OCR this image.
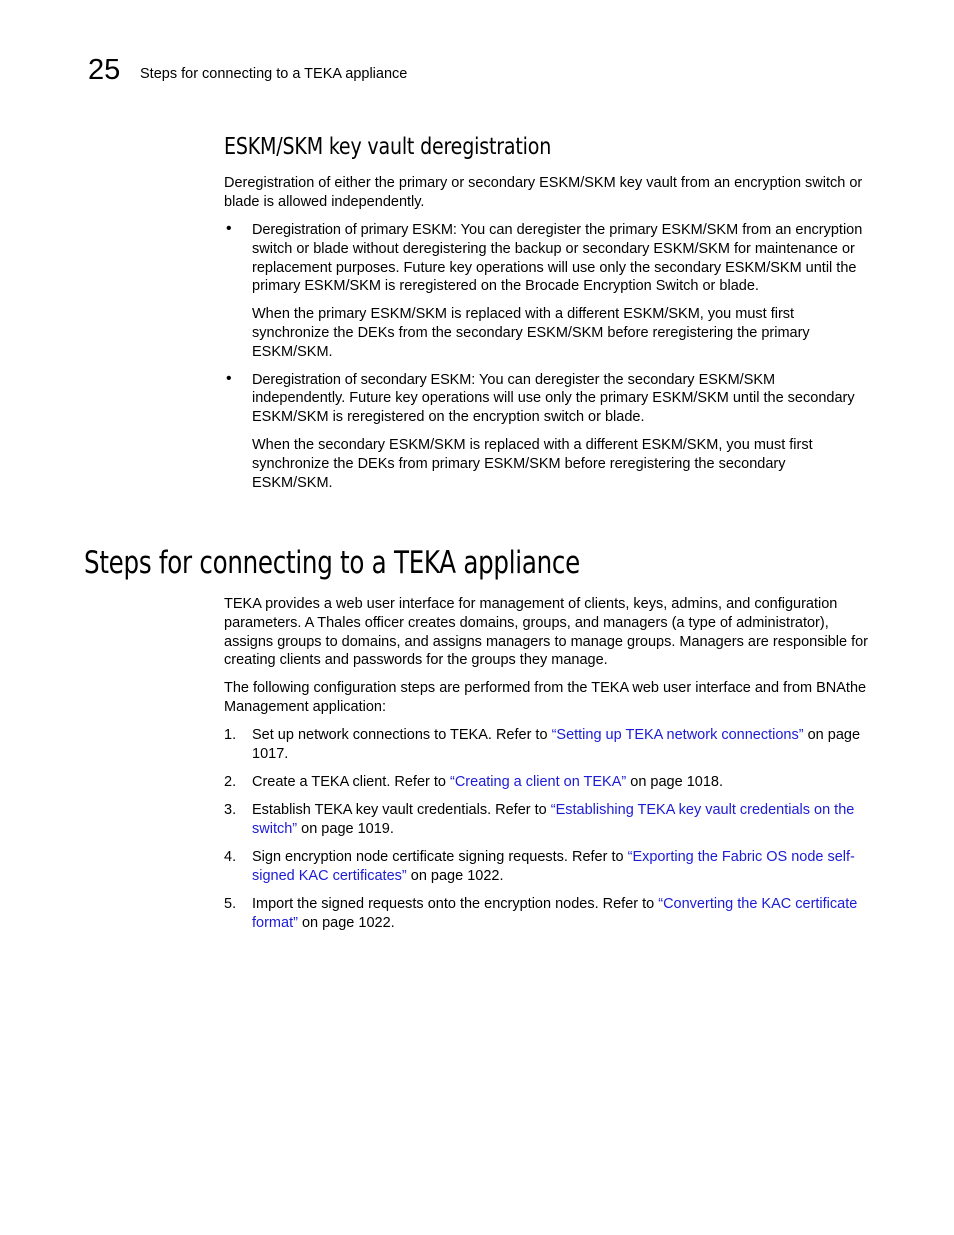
25 Steps for connecting to a TEKA appliance
ESKM/SKM key vault deregistration
Deregistration of either the primary or secondary ESKM/SKM key vault from an encryption switch or blade is allowed independently.
• Deregistration of primary ESKM: You can deregister the primary ESKM/SKM from an encryption switch or blade without deregistering the backup or secondary ESKM/SKM for maintenance or replacement purposes. Future key operations will use only the secondary ESKM/SKM until the primary ESKM/SKM is reregistered on the Brocade Encryption Switch or blade.
When the primary ESKM/SKM is replaced with a different ESKM/SKM, you must first synchronize the DEKs from the secondary ESKM/SKM before reregistering the primary ESKM/SKM.
• Deregistration of secondary ESKM: You can deregister the secondary ESKM/SKM independently. Future key operations will use only the primary ESKM/SKM until the secondary ESKM/SKM is reregistered on the encryption switch or blade.
When the secondary ESKM/SKM is replaced with a different ESKM/SKM, you must first synchronize the DEKs from primary ESKM/SKM before reregistering the secondary ESKM/SKM.
Steps for connecting to a TEKA appliance
TEKA provides a web user interface for management of clients, keys, admins, and configuration parameters. A Thales officer creates domains, groups, and managers (a type of administrator), assigns groups to domains, and assigns managers to manage groups. Managers are responsible for creating clients and passwords for the groups they manage.
The following configuration steps are performed from the TEKA web user interface and from BNAthe Management application:
1. Set up network connections to TEKA. Refer to “Setting up TEKA network connections” on page 1017.
2. Create a TEKA client. Refer to “Creating a client on TEKA” on page 1018.
3. Establish TEKA key vault credentials. Refer to “Establishing TEKA key vault credentials on the switch” on page 1019.
4. Sign encryption node certificate signing requests. Refer to “Exporting the Fabric OS node self-signed KAC certificates” on page 1022.
5. Import the signed requests onto the encryption nodes. Refer to “Converting the KAC certificate format” on page 1022.
